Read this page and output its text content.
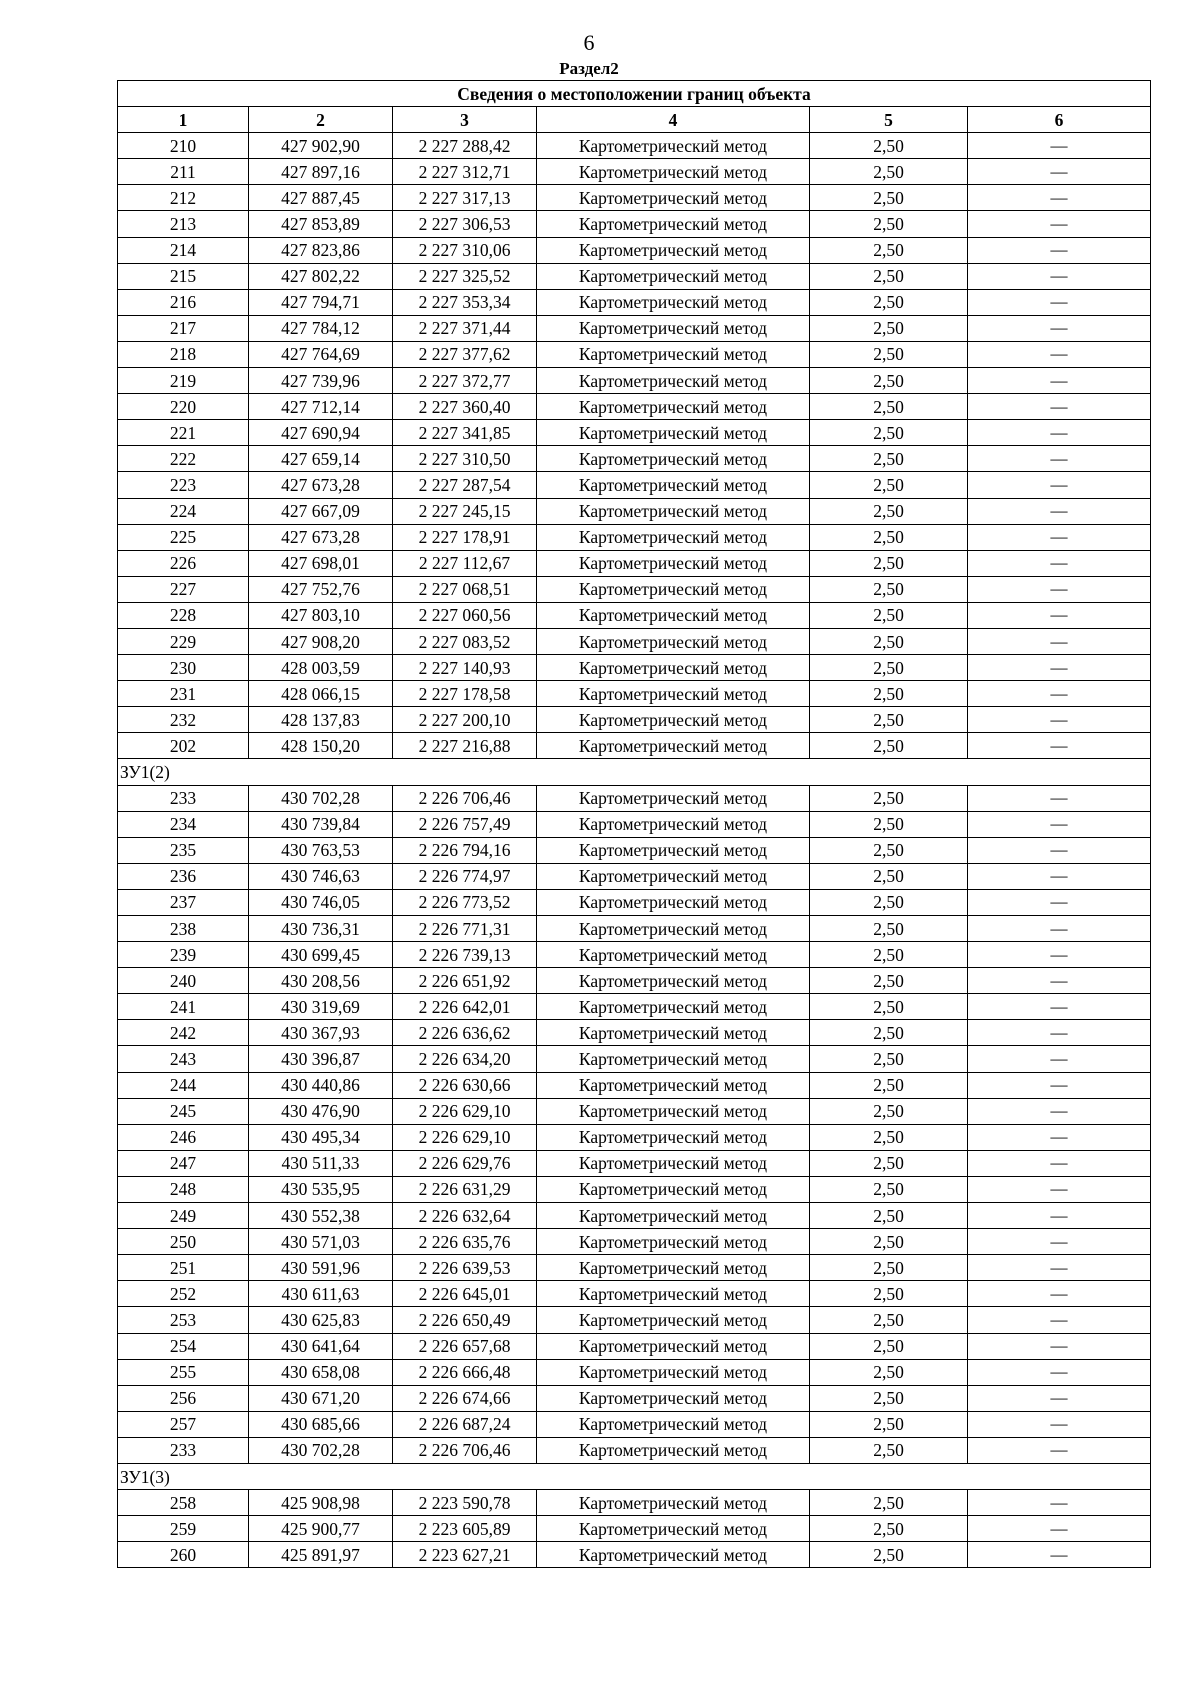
6
Раздел2
Сведения о местоположении границ объекта					
1	2	3	4	5	6
210	427 902,90	2 227 288,42	Картометрический метод	2,50	—
211	427 897,16	2 227 312,71	Картометрический метод	2,50	—
212	427 887,45	2 227 317,13	Картометрический метод	2,50	—
213	427 853,89	2 227 306,53	Картометрический метод	2,50	—
214	427 823,86	2 227 310,06	Картометрический метод	2,50	—
215	427 802,22	2 227 325,52	Картометрический метод	2,50	—
216	427 794,71	2 227 353,34	Картометрический метод	2,50	—
217	427 784,12	2 227 371,44	Картометрический метод	2,50	—
218	427 764,69	2 227 377,62	Картометрический метод	2,50	—
219	427 739,96	2 227 372,77	Картометрический метод	2,50	—
220	427 712,14	2 227 360,40	Картометрический метод	2,50	—
221	427 690,94	2 227 341,85	Картометрический метод	2,50	—
222	427 659,14	2 227 310,50	Картометрический метод	2,50	—
223	427 673,28	2 227 287,54	Картометрический метод	2,50	—
224	427 667,09	2 227 245,15	Картометрический метод	2,50	—
225	427 673,28	2 227 178,91	Картометрический метод	2,50	—
226	427 698,01	2 227 112,67	Картометрический метод	2,50	—
227	427 752,76	2 227 068,51	Картометрический метод	2,50	—
228	427 803,10	2 227 060,56	Картометрический метод	2,50	—
229	427 908,20	2 227 083,52	Картометрический метод	2,50	—
230	428 003,59	2 227 140,93	Картометрический метод	2,50	—
231	428 066,15	2 227 178,58	Картометрический метод	2,50	—
232	428 137,83	2 227 200,10	Картометрический метод	2,50	—
202	428 150,20	2 227 216,88	Картометрический метод	2,50	—
ЗУ1(2)					
233	430 702,28	2 226 706,46	Картометрический метод	2,50	—
234	430 739,84	2 226 757,49	Картометрический метод	2,50	—
235	430 763,53	2 226 794,16	Картометрический метод	2,50	—
236	430 746,63	2 226 774,97	Картометрический метод	2,50	—
237	430 746,05	2 226 773,52	Картометрический метод	2,50	—
238	430 736,31	2 226 771,31	Картометрический метод	2,50	—
239	430 699,45	2 226 739,13	Картометрический метод	2,50	—
240	430 208,56	2 226 651,92	Картометрический метод	2,50	—
241	430 319,69	2 226 642,01	Картометрический метод	2,50	—
242	430 367,93	2 226 636,62	Картометрический метод	2,50	—
243	430 396,87	2 226 634,20	Картометрический метод	2,50	—
244	430 440,86	2 226 630,66	Картометрический метод	2,50	—
245	430 476,90	2 226 629,10	Картометрический метод	2,50	—
246	430 495,34	2 226 629,10	Картометрический метод	2,50	—
247	430 511,33	2 226 629,76	Картометрический метод	2,50	—
248	430 535,95	2 226 631,29	Картометрический метод	2,50	—
249	430 552,38	2 226 632,64	Картометрический метод	2,50	—
250	430 571,03	2 226 635,76	Картометрический метод	2,50	—
251	430 591,96	2 226 639,53	Картометрический метод	2,50	—
252	430 611,63	2 226 645,01	Картометрический метод	2,50	—
253	430 625,83	2 226 650,49	Картометрический метод	2,50	—
254	430 641,64	2 226 657,68	Картометрический метод	2,50	—
255	430 658,08	2 226 666,48	Картометрический метод	2,50	—
256	430 671,20	2 226 674,66	Картометрический метод	2,50	—
257	430 685,66	2 226 687,24	Картометрический метод	2,50	—
233	430 702,28	2 226 706,46	Картометрический метод	2,50	—
ЗУ1(3)					
258	425 908,98	2 223 590,78	Картометрический метод	2,50	—
259	425 900,77	2 223 605,89	Картометрический метод	2,50	—
260	425 891,97	2 223 627,21	Картометрический метод	2,50	—
